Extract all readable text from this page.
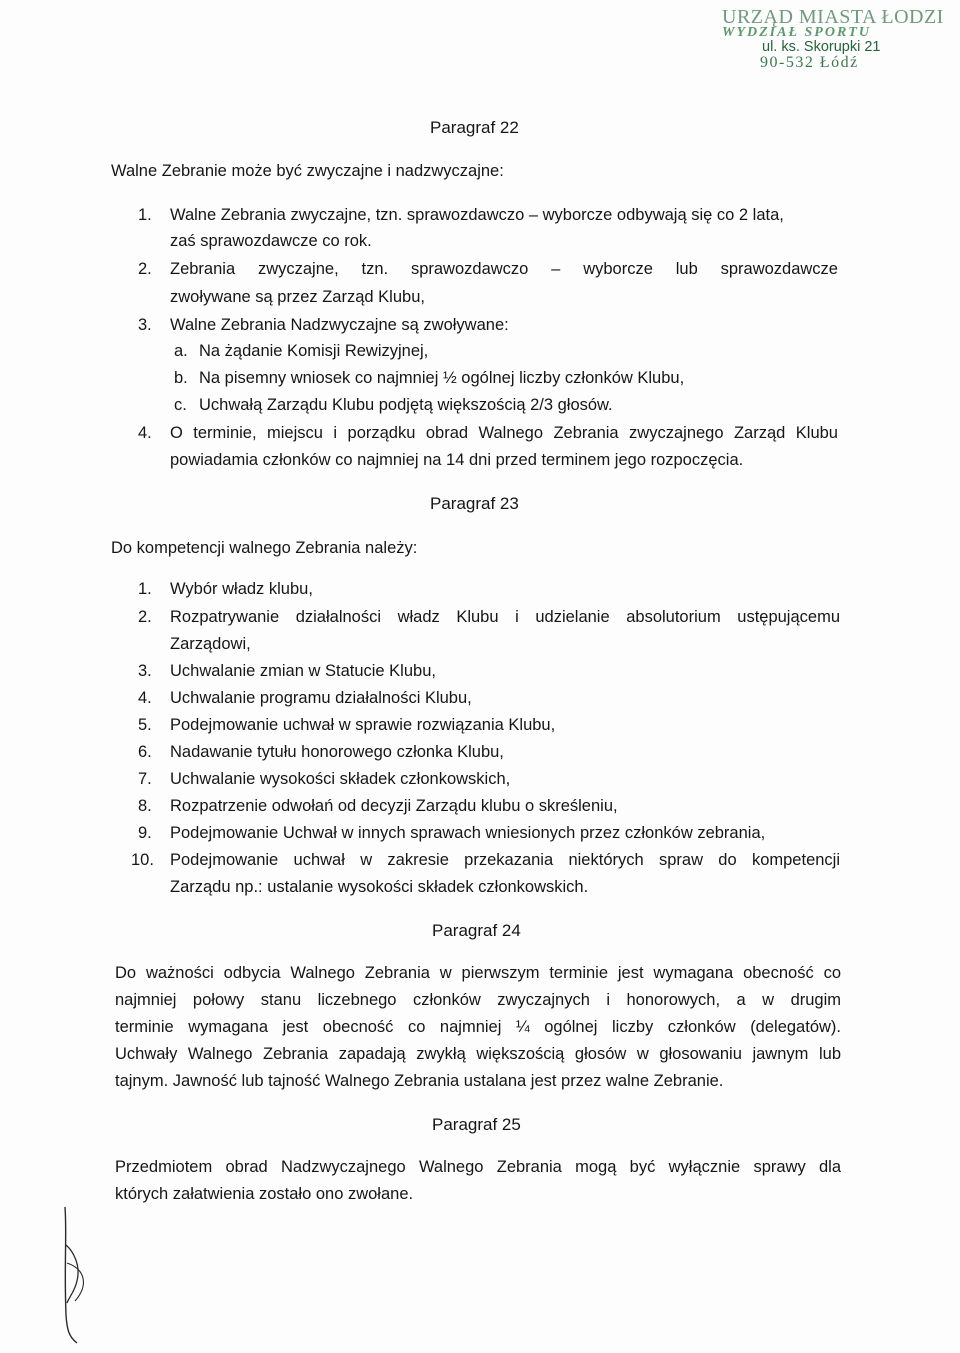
URZĄD MIASTA ŁODZI
WYDZIAŁ SPORTU
ul. ks. Skorupki 21
90-532 Łódź
Paragraf 22
Walne Zebranie może być zwyczajne i nadzwyczajne:
1. Walne Zebrania zwyczajne, tzn. sprawozdawczo – wyborcze odbywają się co 2 lata,
zaś sprawozdawcze co rok.
2. Zebrania zwyczajne, tzn. sprawozdawczo – wyborcze lub sprawozdawcze
zwoływane są przez Zarząd Klubu,
3. Walne Zebrania Nadzwyczajne są zwoływane:
a. Na żądanie Komisji Rewizyjnej,
b. Na pisemny wniosek co najmniej ½ ogólnej liczby członków Klubu,
c. Uchwałą Zarządu Klubu podjętą większością 2/3 głosów.
4. O terminie, miejscu i porządku obrad Walnego Zebrania zwyczajnego Zarząd Klubu
powiadamia członków co najmniej na 14 dni przed terminem jego rozpoczęcia.
Paragraf 23
Do kompetencji walnego Zebrania należy:
1. Wybór władz klubu,
2. Rozpatrywanie działalności władz Klubu i udzielanie absolutorium ustępującemu
Zarządowi,
3. Uchwalanie zmian w Statucie Klubu,
4. Uchwalanie programu działalności Klubu,
5. Podejmowanie uchwał w sprawie rozwiązania Klubu,
6. Nadawanie tytułu honorowego członka Klubu,
7. Uchwalanie wysokości składek członkowskich,
8. Rozpatrzenie odwołań od decyzji Zarządu klubu o skreśleniu,
9. Podejmowanie Uchwał w innych sprawach wniesionych przez członków zebrania,
10. Podejmowanie uchwał w zakresie przekazania niektórych spraw do kompetencji
Zarządu np.: ustalanie wysokości składek członkowskich.
Paragraf 24
Do ważności odbycia Walnego Zebrania w pierwszym terminie jest wymagana obecność co
najmniej połowy stanu liczebnego członków zwyczajnych i honorowych, a w drugim
terminie wymagana jest obecność co najmniej ¼ ogólnej liczby członków (delegatów).
Uchwały Walnego Zebrania zapadają zwykłą większością głosów w głosowaniu jawnym lub
tajnym. Jawność lub tajność Walnego Zebrania ustalana jest przez walne Zebranie.
Paragraf 25
Przedmiotem obrad Nadzwyczajnego Walnego Zebrania mogą być wyłącznie sprawy dla
których załatwienia zostało ono zwołane.
